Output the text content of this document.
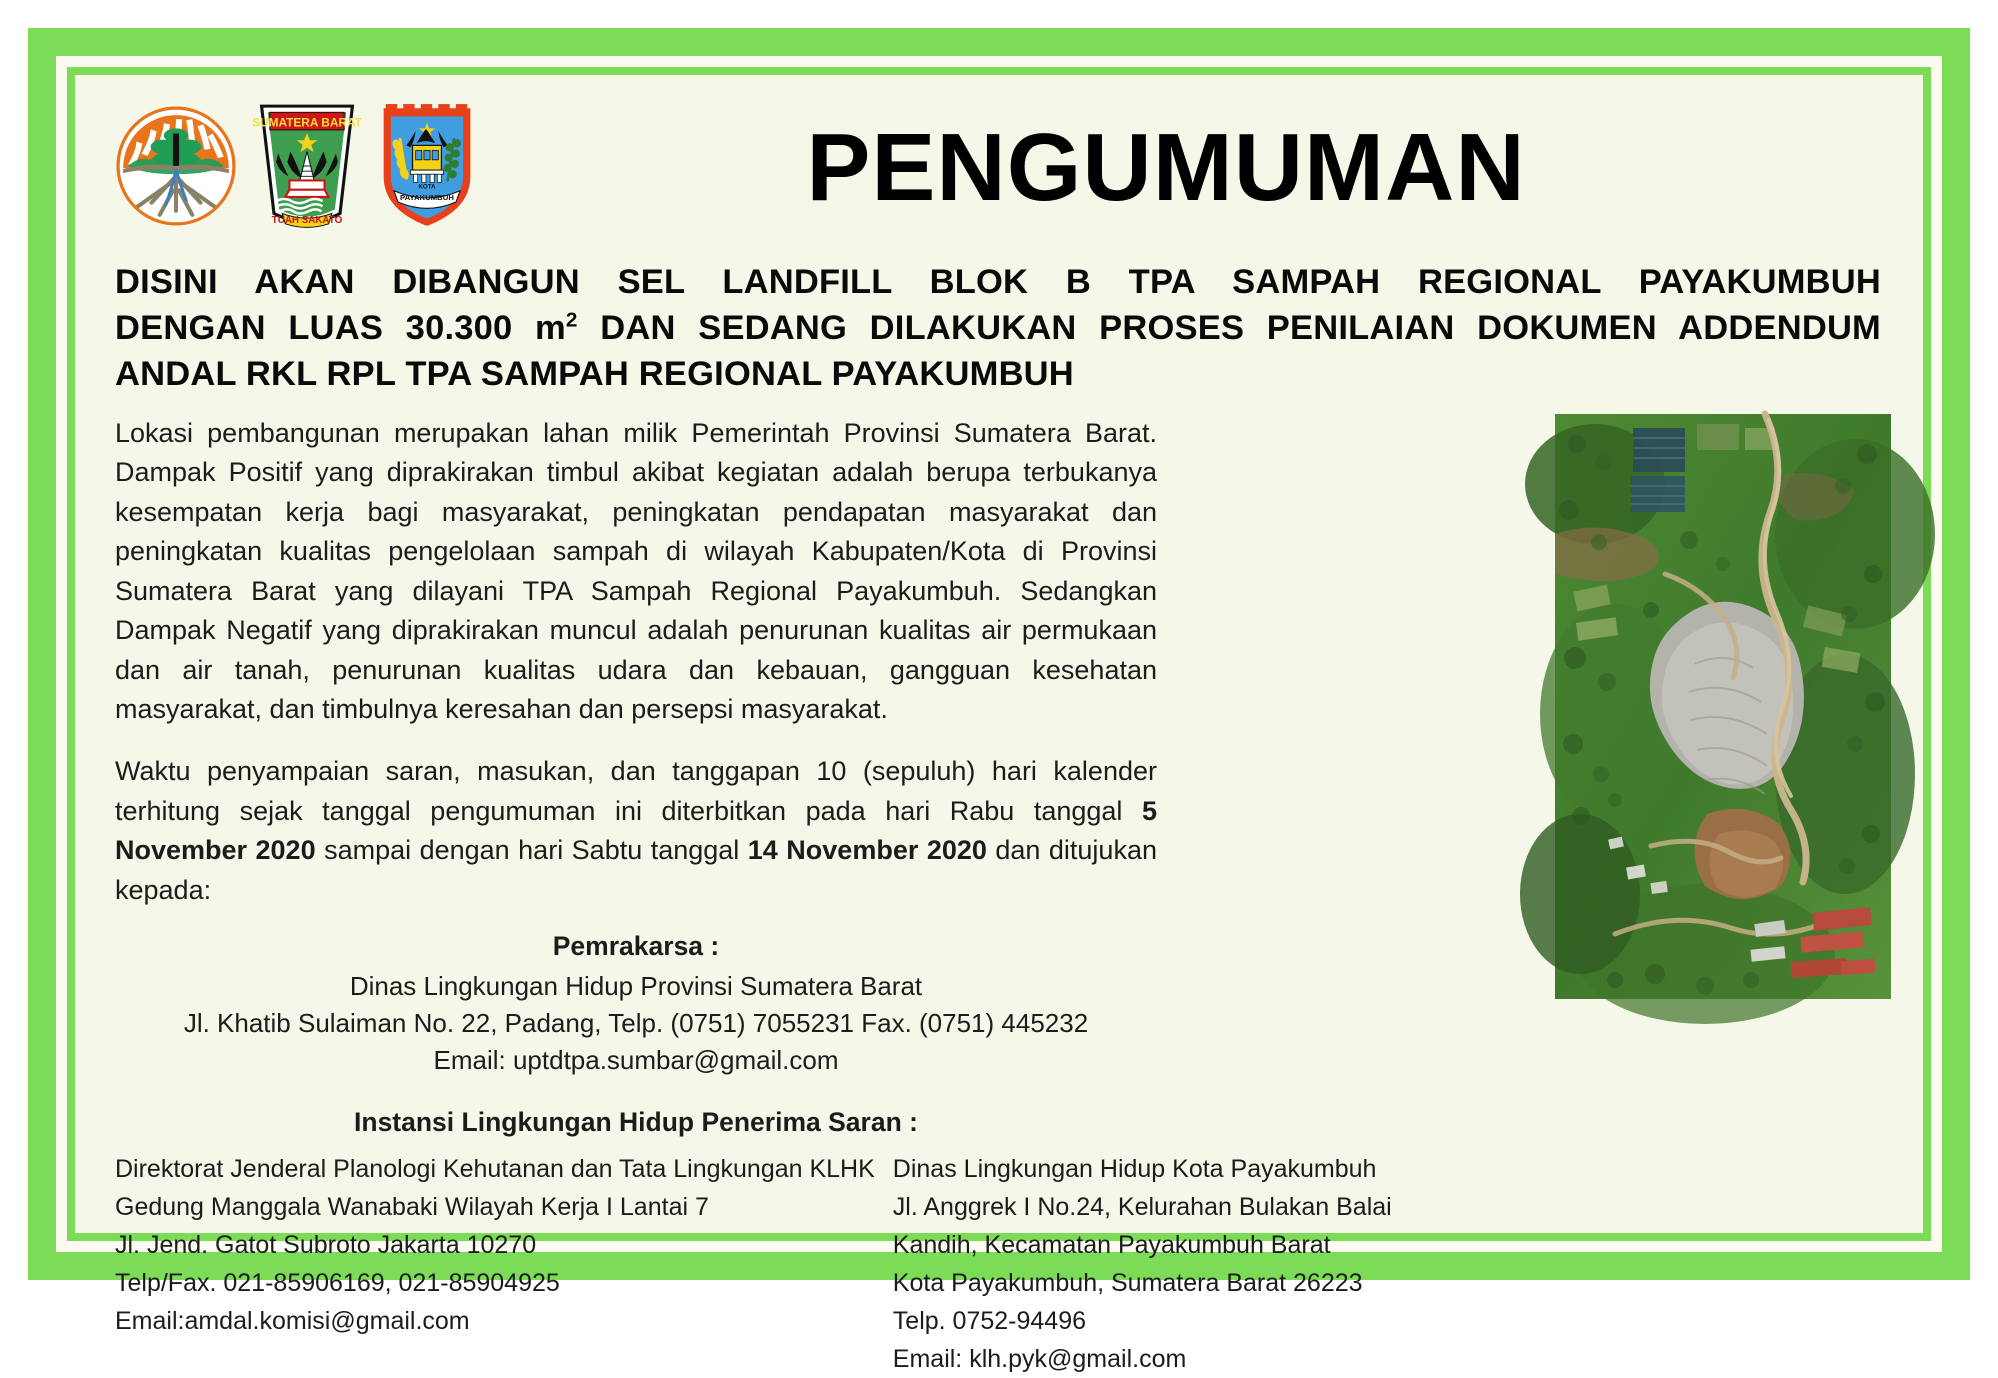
SUMATERA BARAT
TUAH SAKATO
KOTA
PAYAKUMBUH	PENGUMUMAN
DISINI AKAN DIBANGUN SEL LANDFILL BLOK B TPA SAMPAH REGIONAL PAYAKUMBUH
DENGAN LUAS 30.300 $m^2$ DAN SEDANG DILAKUKAN PROSES PENILAIAN DOKUMEN ADDENDUM
ANDAL RKL RPL TPA SAMPAH REGIONAL PAYAKUMBUH

Lokasi pembangunan merupakan lahan milik Pemerintah Provinsi Sumatera Barat. Dampak Positif yang diprakirakan timbul akibat kegiatan adalah berupa terbukanya kesempatan kerja bagi masyarakat, peningkatan pendapatan masyarakat dan peningkatan kualitas pengelolaan sampah di wilayah Kabupaten/Kota di Provinsi Sumatera Barat yang dilayani TPA Sampah Regional Payakumbuh. Sedangkan Dampak Negatif yang diprakirakan muncul adalah penurunan kualitas air permukaan dan air tanah, penurunan kualitas udara dan kebauan, gangguan kesehatan masyarakat, dan timbulnya keresahan dan persepsi masyarakat.

Waktu penyampaian saran, masukan, dan tanggapan 10 (sepuluh) hari kalender terhitung sejak tanggal pengumuman ini diterbitkan pada hari Rabu tanggal 5 November 2020 sampai dengan hari Sabtu tanggal 14 November 2020 dan ditujukan kepada:

Pemrakarsa :
Dinas Lingkungan Hidup Provinsi Sumatera Barat
Jl. Khatib Sulaiman No. 22, Padang, Telp. (0751) 7055231 Fax. (0751) 445232
Email: uptdtpa.sumbar@gmail.com
Instansi Lingkungan Hidup Penerima Saran :
Direktorat Jenderal Planologi Kehutanan dan Tata Lingkungan KLHK
Gedung Manggala Wanabaki Wilayah Kerja I Lantai 7
Jl. Jend. Gatot Subroto Jakarta 10270
Telp/Fax. 021-85906169, 021-85904925
Email:amdal.komisi@gmail.com
Dinas Lingkungan Hidup Kota Payakumbuh
Jl. Anggrek I No.24, Kelurahan Bulakan Balai
Kandih, Kecamatan Payakumbuh Barat
Kota Payakumbuh, Sumatera Barat 26223
Telp. 0752-94496
Email: klh.pyk@gmail.com
